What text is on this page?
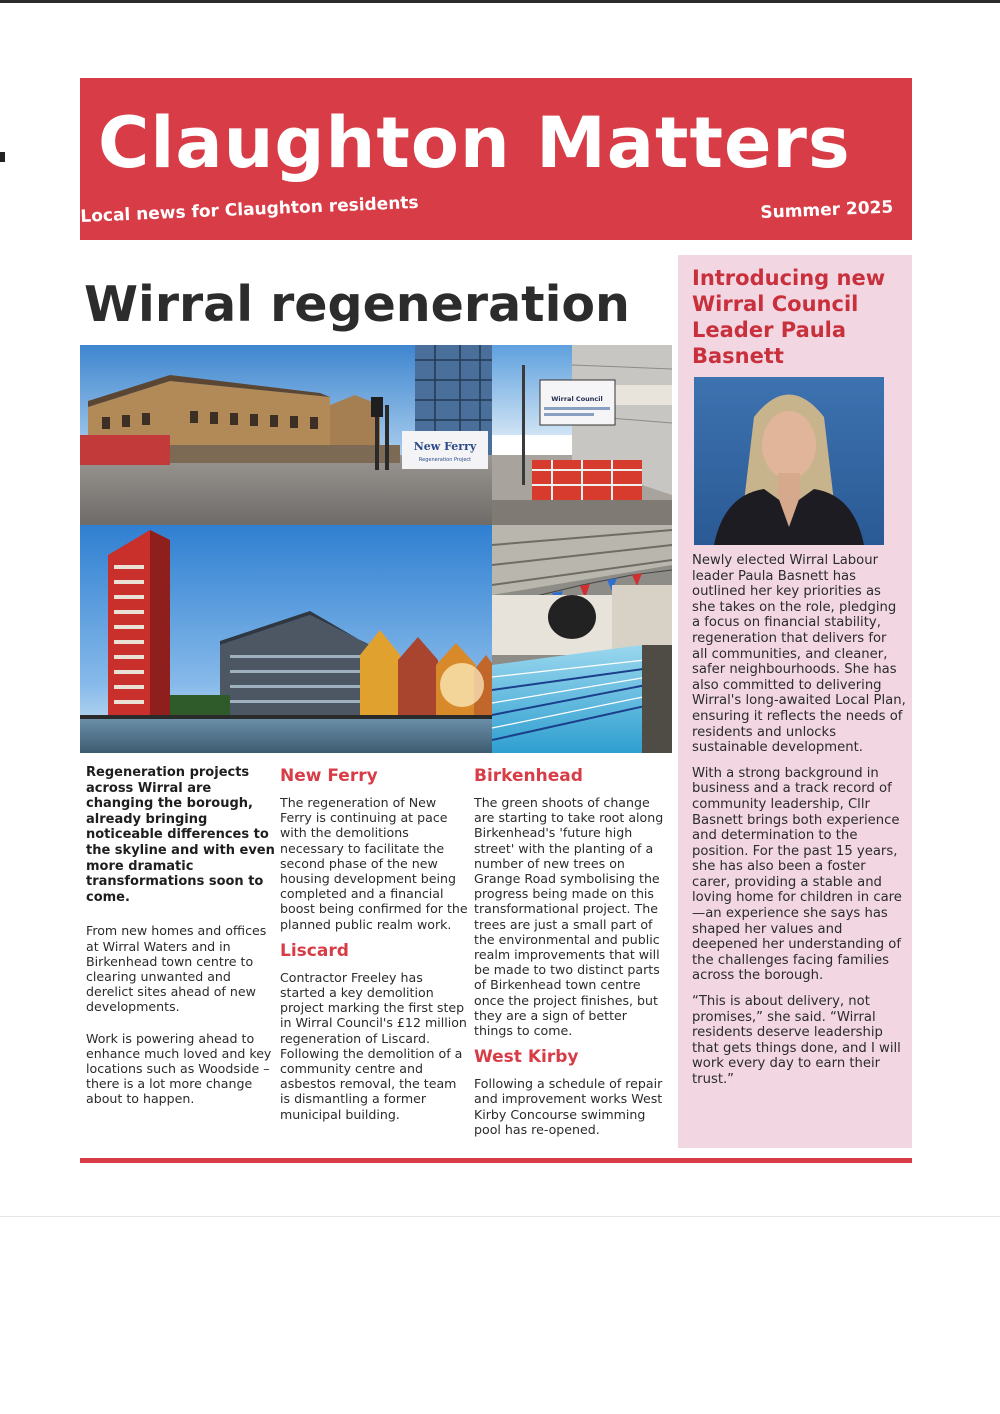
Claughton Matters
Local news for Claughton residents	Summer 2025
Wirral regeneration
New Ferry
Regeneration Project
Wirral Council

Regeneration projects across Wirral are changing the borough, already bringing noticeable differences to the skyline and with even more dramatic transformations soon to come.

From new homes and offices at Wirral Waters and in Birkenhead town centre to clearing unwanted and derelict sites ahead of new developments.

Work is powering ahead to enhance much loved and key locations such as Woodside – there is a lot more change about to happen.

New Ferry

The regeneration of New Ferry is continuing at pace with the demolitions necessary to facilitate the second phase of the new housing development being completed and a financial boost being confirmed for the planned public realm work.

Liscard

Contractor Freeley has started a key demolition project marking the first step in Wirral Council's £12 million regeneration of Liscard. Following the demolition of a community centre and asbestos removal, the team is dismantling a former municipal building.

Birkenhead

The green shoots of change are starting to take root along Birkenhead's 'future high street' with the planting of a number of new trees on Grange Road symbolising the progress being made on this transformational project. The trees are just a small part of the environmental and public realm improvements that will be made to two distinct parts of Birkenhead town centre once the project finishes, but they are a sign of better things to come.

West Kirby

Following a schedule of repair and improvement works West Kirby Concourse swimming pool has re-opened.

Introducing new Wirral Council Leader Paula Basnett

Newly elected Wirral Labour leader Paula Basnett has outlined her key priorities as she takes on the role, pledging a focus on financial stability, regeneration that delivers for all communities, and cleaner, safer neighbourhoods. She has also committed to delivering Wirral's long-awaited Local Plan, ensuring it reflects the needs of residents and unlocks sustainable development.

With a strong background in business and a track record of community leadership, Cllr Basnett brings both experience and determination to the position. For the past 15 years, she has also been a foster carer, providing a stable and loving home for children in care—an experience she says has shaped her values and deepened her understanding of the challenges facing families across the borough.

“This is about delivery, not promises,” she said. “Wirral residents deserve leadership that gets things done, and I will work every day to earn their trust.”
